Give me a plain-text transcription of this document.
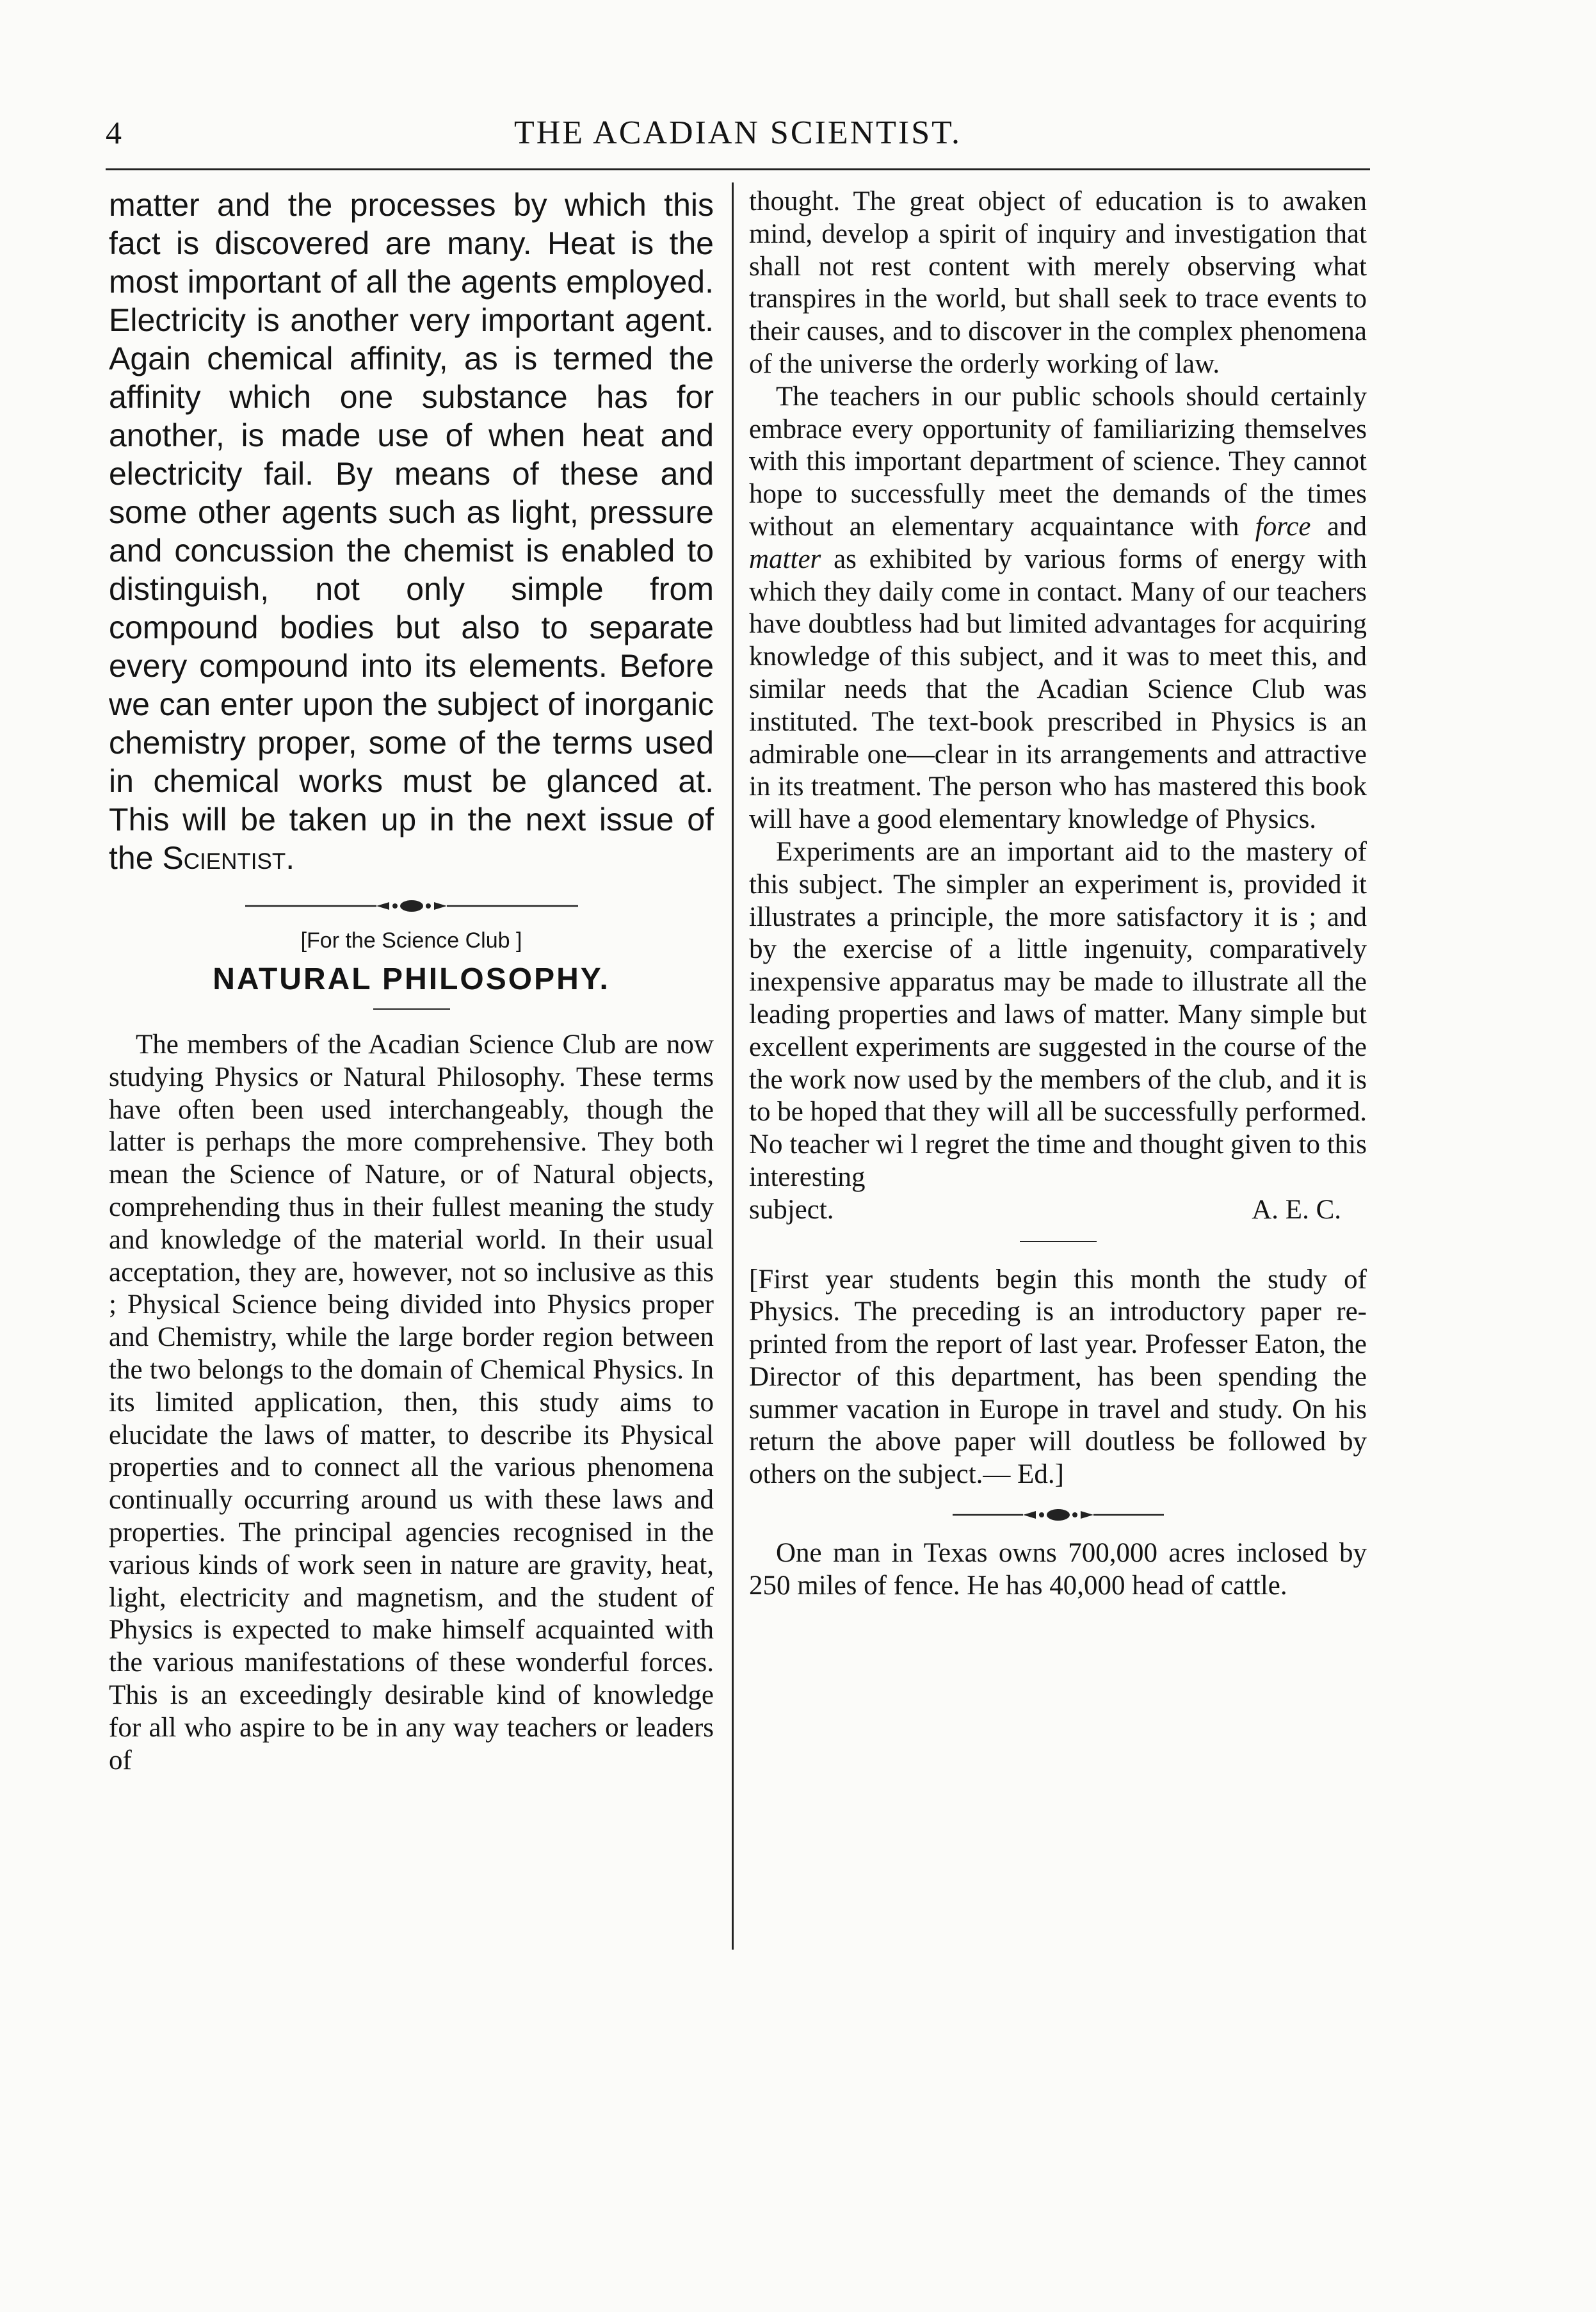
4	THE ACADIAN SCIENTIST.

matter and the processes by which this fact is discovered are many. Heat is the most important of all the agents employed. Electricity is another very important agent. Again chemical affinity, as is termed the affinity which one substance has for another, is made use of when heat and electricity fail. By means of these and some other agents such as light, pressure and concussion the chemist is enabled to distinguish, not only simple from compound bodies but also to separate every compound into its elements. Before we can enter upon the subject of inorganic chemistry proper, some of the terms used in chemical works must be glanced at. This will be taken up in the next issue of the Scientist.

[For the Science Club ]
NATURAL PHILOSOPHY.

The members of the Acadian Science Club are now studying Physics or Natural Philosophy. These terms have often been used interchangeably, though the latter is perhaps the more comprehensive. They both mean the Science of Nature, or of Natural objects, comprehending thus in their fullest meaning the study and knowledge of the material world. In their usual acceptation, they are, however, not so inclusive as this ; Physical Science being divided into Physics proper and Chemistry, while the large border region between the two belongs to the domain of Chemical Physics. In its limited application, then, this study aims to elucidate the laws of matter, to describe its Physical properties and to connect all the various phenomena continually occurring around us with these laws and properties. The principal agencies recognised in the various kinds of work seen in nature are gravity, heat, light, electricity and magnetism, and the student of Physics is expected to make himself acquainted with the various manifestations of these wonderful forces. This is an exceedingly desirable kind of knowledge for all who aspire to be in any way teachers or leaders of

thought. The great object of education is to awaken mind, develop a spirit of inquiry and investigation that shall not rest content with merely observing what transpires in the world, but shall seek to trace events to their causes, and to discover in the complex phenomena of the universe the orderly working of law.

The teachers in our public schools should certainly embrace every opportunity of familiarizing themselves with this important department of science. They cannot hope to successfully meet the demands of the times without an elementary acquaintance with force and matter as exhibited by various forms of energy with which they daily come in contact. Many of our teachers have doubtless had but limited advantages for acquiring knowledge of this subject, and it was to meet this, and similar needs that the Acadian Science Club was instituted. The text-book prescribed in Physics is an admirable one—clear in its arrangements and attractive in its treatment. The person who has mastered this book will have a good elementary knowledge of Physics.

Experiments are an important aid to the mastery of this subject. The simpler an experiment is, provided it illustrates a principle, the more satisfactory it is ; and by the exercise of a little ingenuity, comparatively inexpensive apparatus may be made to illustrate all the leading properties and laws of matter. Many simple but excellent experiments are suggested in the course of the the work now used by the members of the club, and it is to be hoped that they will all be successfully performed. No teacher wi l regret the time and thought given to this interesting

subject.	A. E. C.

[First year students begin this month the study of Physics. The preceding is an introductory paper re-printed from the report of last year. Professer Eaton, the Director of this department, has been spending the summer vacation in Europe in travel and study. On his return the above paper will doutless be followed by others on the subject.— Ed.]

One man in Texas owns 700,000 acres inclosed by 250 miles of fence. He has 40,000 head of cattle.
